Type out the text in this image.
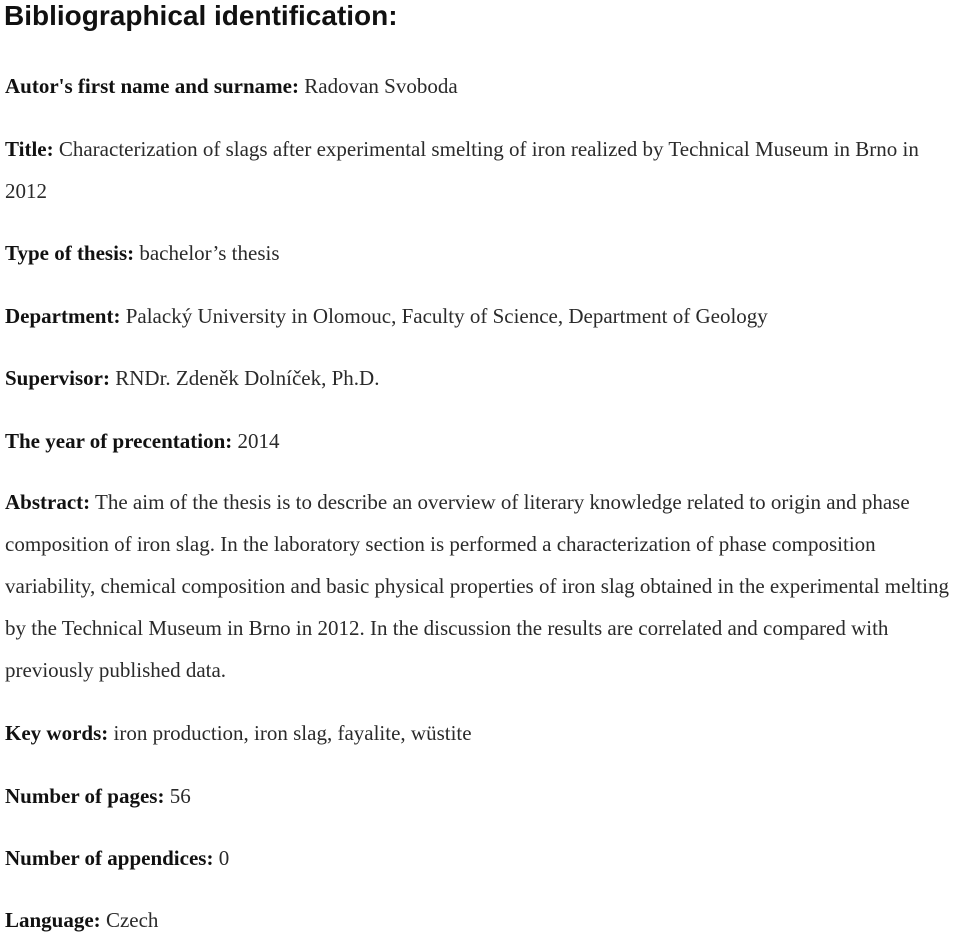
Bibliographical identification:

Autor's first name and surname: Radovan Svoboda

Title: Characterization of slags after experimental smelting of iron realized by Technical Museum in Brno in 2012

Type of thesis: bachelor’s thesis

Department: Palacký University in Olomouc, Faculty of Science, Department of Geology

Supervisor: RNDr. Zdeněk Dolníček, Ph.D.

The year of precentation: 2014

Abstract: The aim of the thesis is to describe an overview of literary knowledge related to origin and phase composition of iron slag. In the laboratory section is performed a characterization of phase composition variability, chemical composition and basic physical properties of iron slag obtained in the experimental melting by the Technical Museum in Brno in 2012. In the discussion the results are correlated and compared with previously published data.

Key words: iron production, iron slag, fayalite, wüstite

Number of pages: 56

Number of appendices: 0

Language: Czech
